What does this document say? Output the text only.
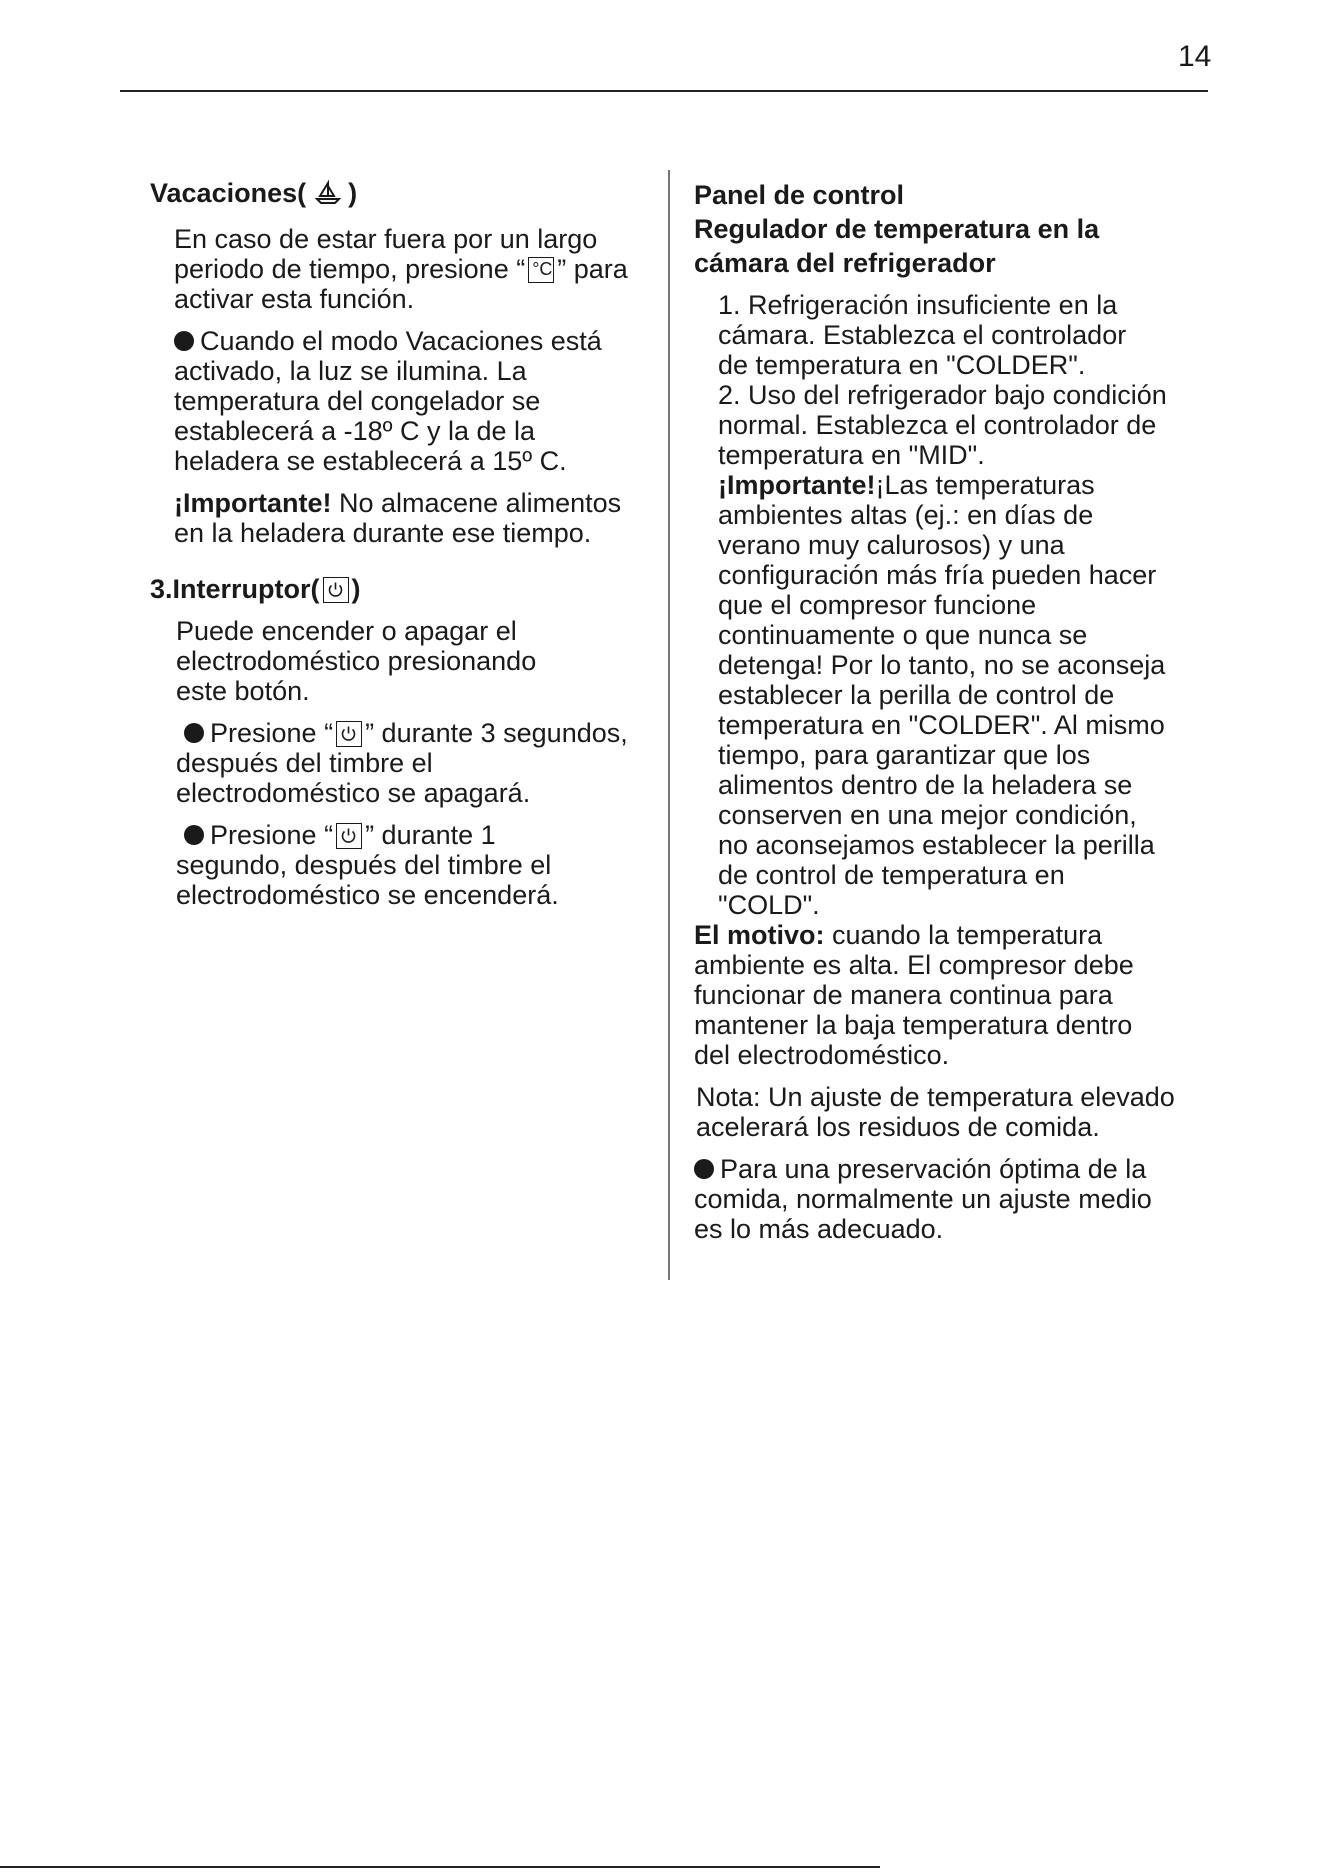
14
Vacaciones( )
En caso de estar fuera por un largo
periodo de tiempo, presione “ °C ” para
activar esta función.
Cuando el modo Vacaciones está
activado, la luz se ilumina. La
temperatura del congelador se
establecerá a -18º C y la de la
heladera se establecerá a 15º C.
¡Importante! No almacene alimentos
en la heladera durante ese tiempo.
3.Interruptor( )
Puede encender o apagar el
electrodoméstico presionando
este botón.
Presione “ ” durante 3 segundos,
después del timbre el
electrodoméstico se apagará.
Presione “ ” durante 1
segundo, después del timbre el
electrodoméstico se encenderá.
Panel de control
Regulador de temperatura en la
cámara del refrigerador
1. Refrigeración insuficiente en la
cámara. Establezca el controlador
de temperatura en "COLDER".
2. Uso del refrigerador bajo condición
normal. Establezca el controlador de
temperatura en "MID".
¡Importante!¡Las temperaturas
ambientes altas (ej.: en días de
verano muy calurosos) y una
configuración más fría pueden hacer
que el compresor funcione
continuamente o que nunca se
detenga! Por lo tanto, no se aconseja
establecer la perilla de control de
temperatura en "COLDER". Al mismo
tiempo, para garantizar que los
alimentos dentro de la heladera se
conserven en una mejor condición,
no aconsejamos establecer la perilla
de control de temperatura en
"COLD".
El motivo: cuando la temperatura
ambiente es alta. El compresor debe
funcionar de manera continua para
mantener la baja temperatura dentro
del electrodoméstico.
Nota: Un ajuste de temperatura elevado
acelerará los residuos de comida.
Para una preservación óptima de la
comida, normalmente un ajuste medio
es lo más adecuado.
